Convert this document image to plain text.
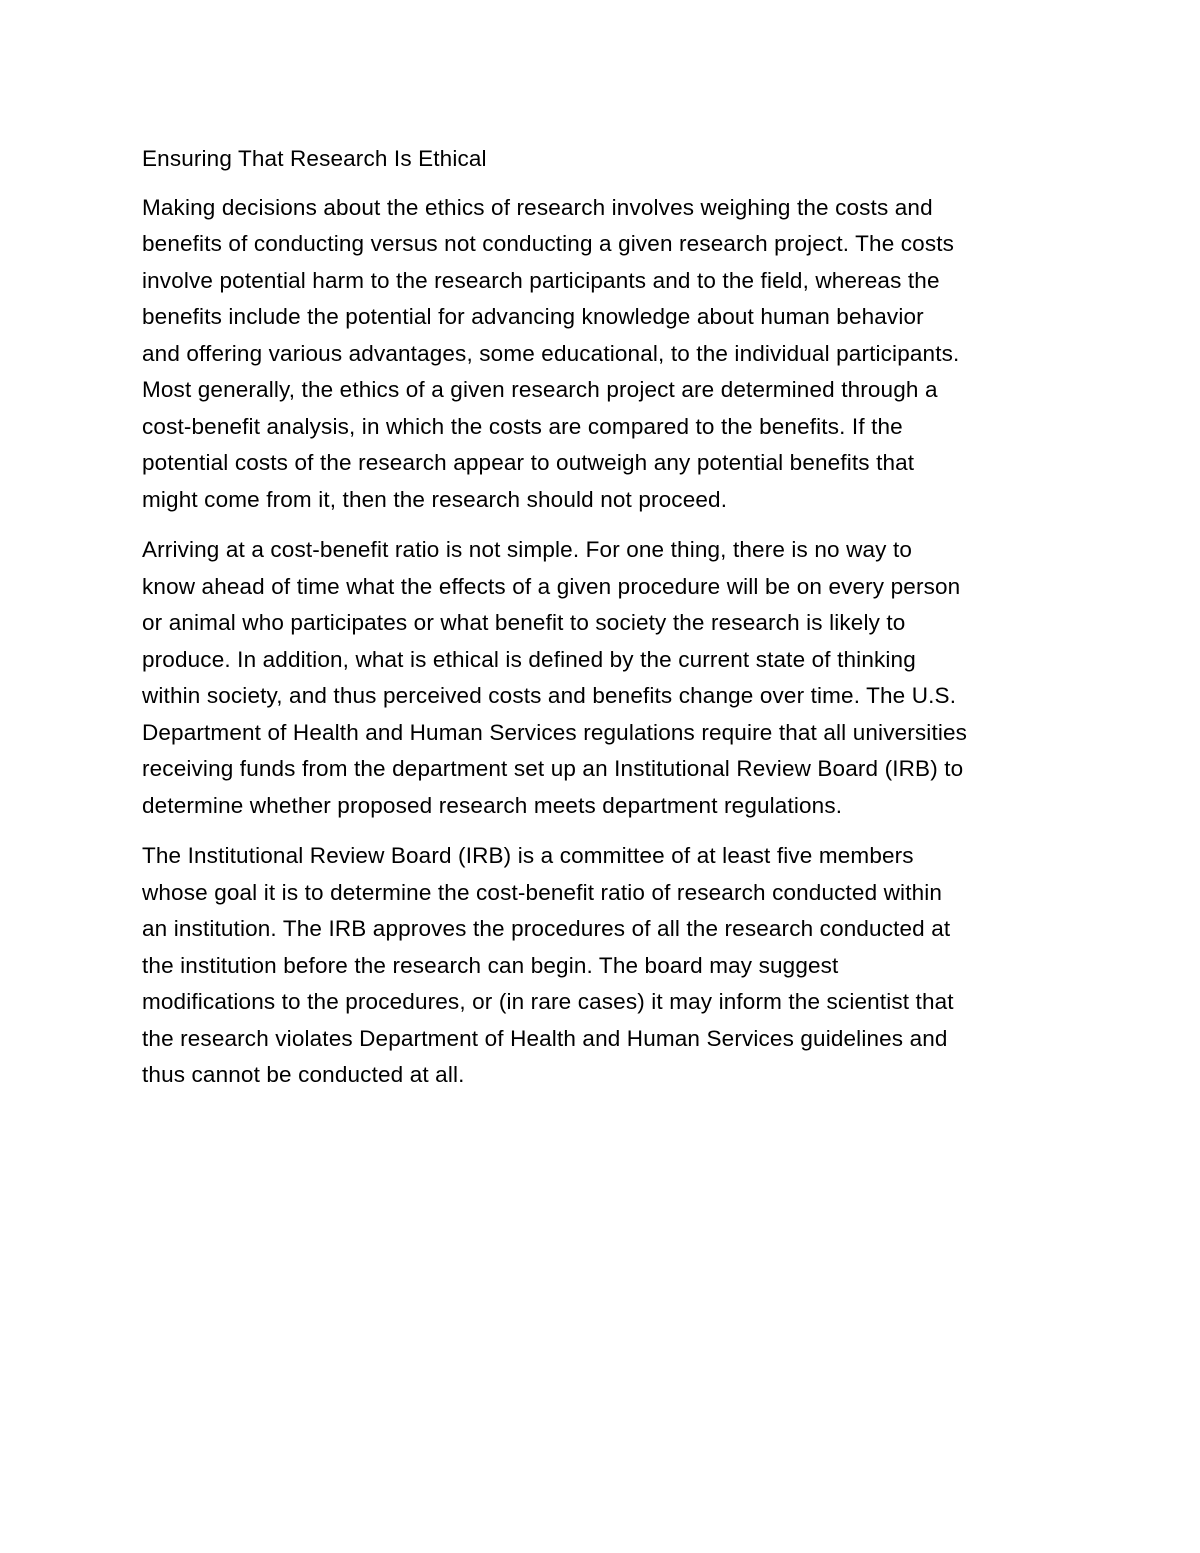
Ensuring That Research Is Ethical
Making decisions about the ethics of research involves weighing the costs and
benefits of conducting versus not conducting a given research project. The costs
involve potential harm to the research participants and to the field, whereas the
benefits include the potential for advancing knowledge about human behavior
and offering various advantages, some educational, to the individual participants.
Most generally, the ethics of a given research project are determined through a
cost-benefit analysis, in which the costs are compared to the benefits. If the
potential costs of the research appear to outweigh any potential benefits that
might come from it, then the research should not proceed.
Arriving at a cost-benefit ratio is not simple. For one thing, there is no way to
know ahead of time what the effects of a given procedure will be on every person
or animal who participates or what benefit to society the research is likely to
produce. In addition, what is ethical is defined by the current state of thinking
within society, and thus perceived costs and benefits change over time. The U.S.
Department of Health and Human Services regulations require that all universities
receiving funds from the department set up an Institutional Review Board (IRB) to
determine whether proposed research meets department regulations.
The Institutional Review Board (IRB) is a committee of at least five members
whose goal it is to determine the cost-benefit ratio of research conducted within
an institution. The IRB approves the procedures of all the research conducted at
the institution before the research can begin. The board may suggest
modifications to the procedures, or (in rare cases) it may inform the scientist that
the research violates Department of Health and Human Services guidelines and
thus cannot be conducted at all.
